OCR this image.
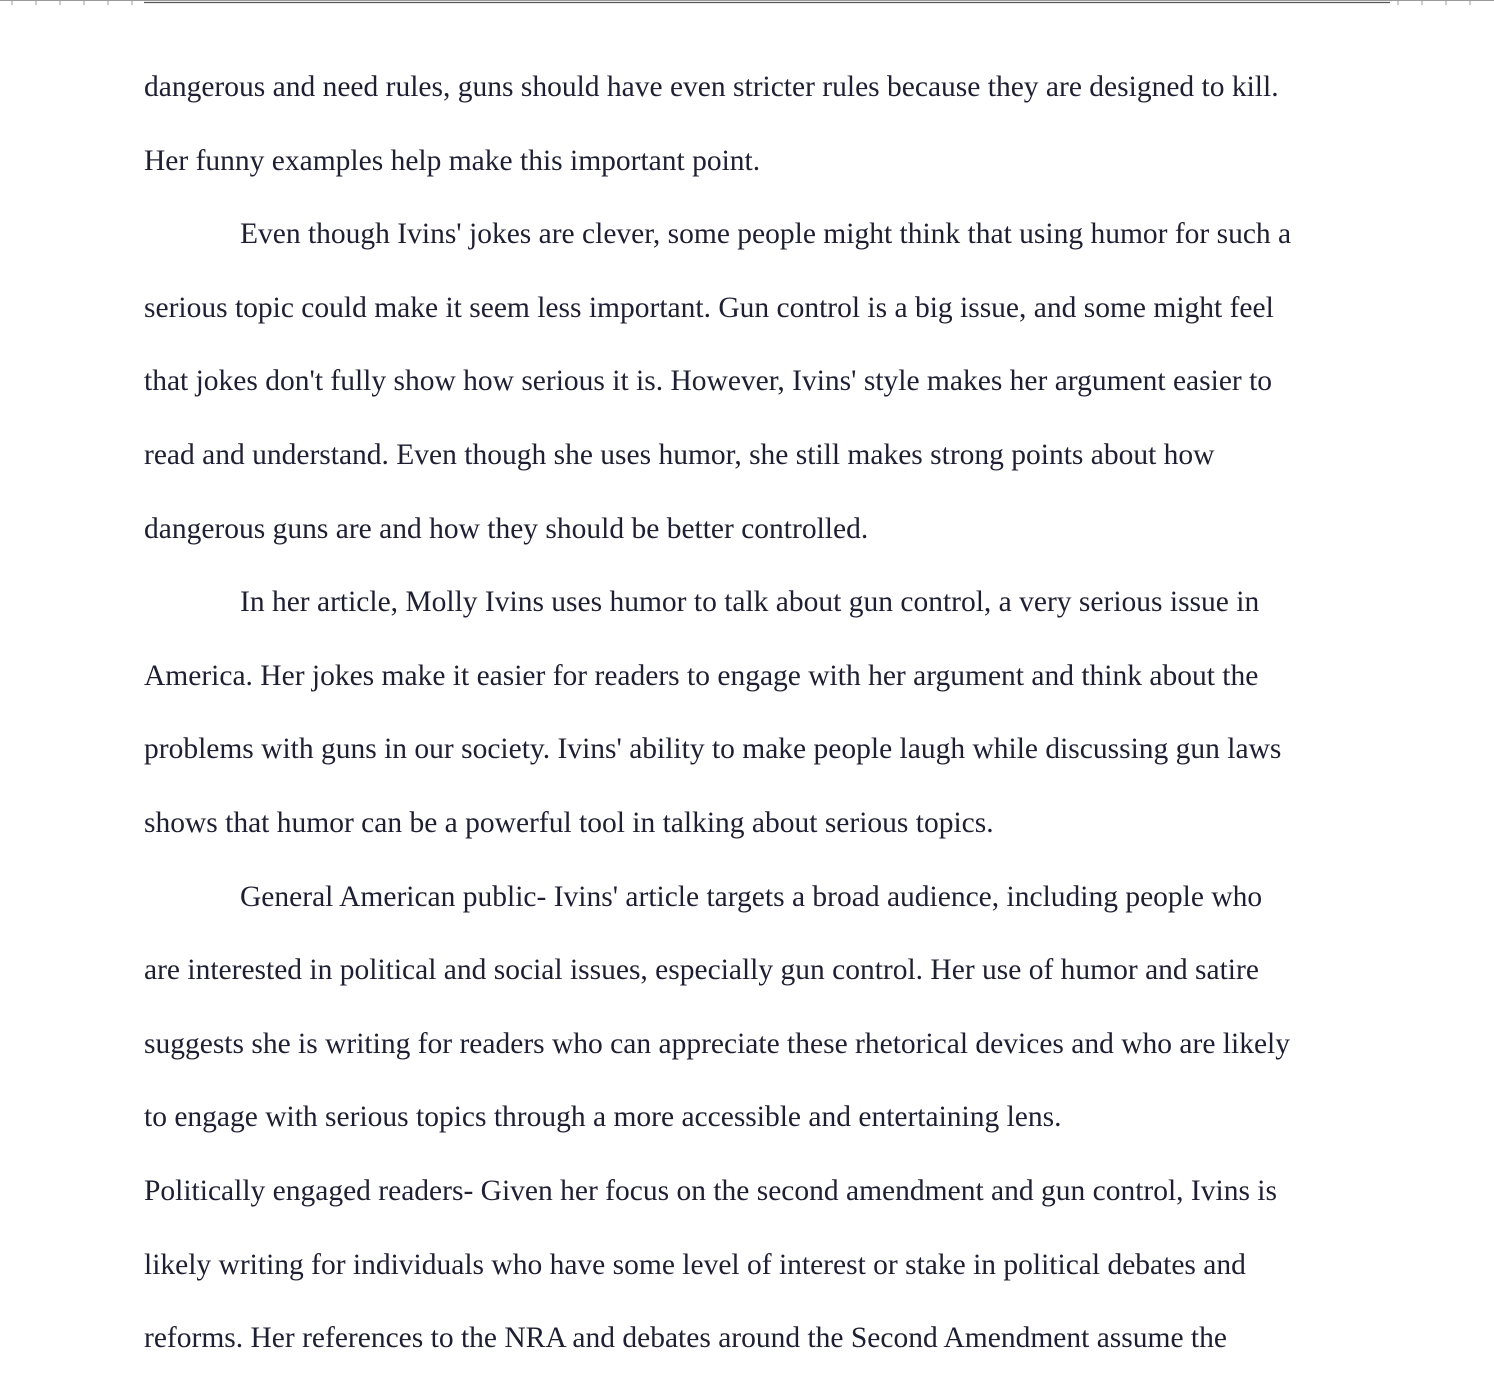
dangerous and need rules, guns should have even stricter rules because they are designed to kill.

Her funny examples help make this important point.

Even though Ivins' jokes are clever, some people might think that using humor for such a

serious topic could make it seem less important. Gun control is a big issue, and some might feel

that jokes don't fully show how serious it is. However, Ivins' style makes her argument easier to

read and understand. Even though she uses humor, she still makes strong points about how

dangerous guns are and how they should be better controlled.

In her article, Molly Ivins uses humor to talk about gun control, a very serious issue in

America. Her jokes make it easier for readers to engage with her argument and think about the

problems with guns in our society. Ivins' ability to make people laugh while discussing gun laws

shows that humor can be a powerful tool in talking about serious topics.

General American public- Ivins' article targets a broad audience, including people who

are interested in political and social issues, especially gun control. Her use of humor and satire

suggests she is writing for readers who can appreciate these rhetorical devices and who are likely

to engage with serious topics through a more accessible and entertaining lens.

Politically engaged readers- Given her focus on the second amendment and gun control, Ivins is

likely writing for individuals who have some level of interest or stake in political debates and

reforms. Her references to the NRA and debates around the Second Amendment assume the
